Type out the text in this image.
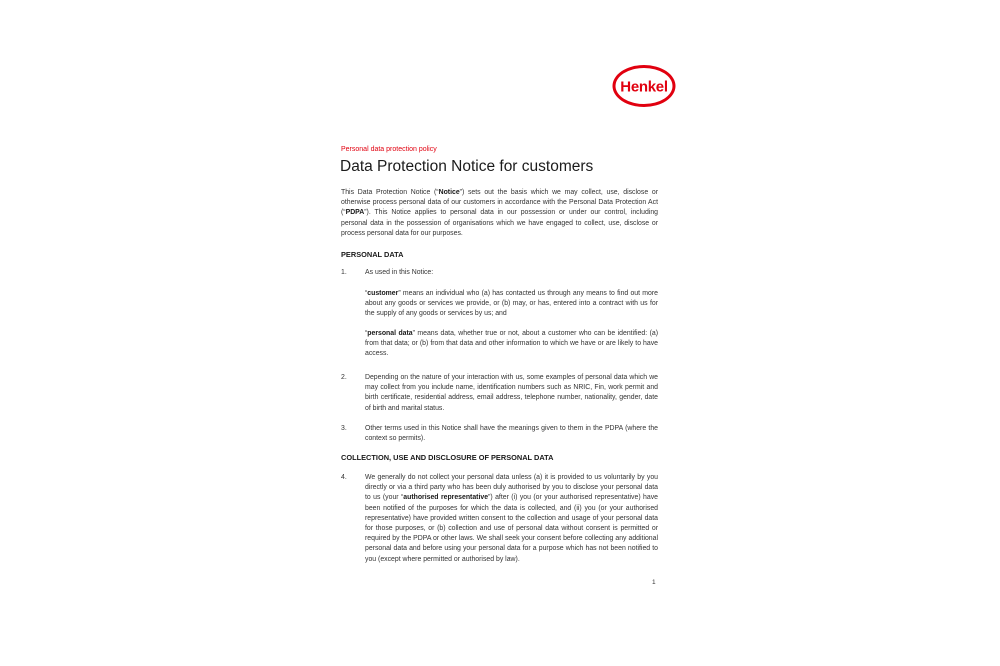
Henkel
Personal data protection policy
Data Protection Notice for customers
This Data Protection Notice (“Notice”) sets out the basis which we may collect, use, disclose or otherwise process personal data of our customers in accordance with the Personal Data Protection Act (“PDPA”). This Notice applies to personal data in our possession or under our control, including personal data in the possession of organisations which we have engaged to collect, use, disclose or process personal data for our purposes.
PERSONAL DATA
1.	As used in this Notice:

“customer” means an individual who (a) has contacted us through any means to find out more about any goods or services we provide, or (b) may, or has, entered into a contract with us for the supply of any goods or services by us; and

“personal data” means data, whether true or not, about a customer who can be identified: (a) from that data; or (b) from that data and other information to which we have or are likely to have access.

2.	Depending on the nature of your interaction with us, some examples of personal data which we may collect from you include name, identification numbers such as NRIC, Fin, work permit and birth certificate, residential address, email address, telephone number, nationality, gender, date of birth and marital status.

3.	Other terms used in this Notice shall have the meanings given to them in the PDPA (where the context so permits).

COLLECTION, USE AND DISCLOSURE OF PERSONAL DATA
4.	We generally do not collect your personal data unless (a) it is provided to us voluntarily by you directly or via a third party who has been duly authorised by you to disclose your personal data to us (your “authorised representative”) after (i) you (or your authorised representative) have been notified of the purposes for which the data is collected, and (ii) you (or your authorised representative) have provided written consent to the collection and usage of your personal data for those purposes, or (b) collection and use of personal data without consent is permitted or required by the PDPA or other laws. We shall seek your consent before collecting any additional personal data and before using your personal data for a purpose which has not been notified to you (except where permitted or authorised by law).

1
